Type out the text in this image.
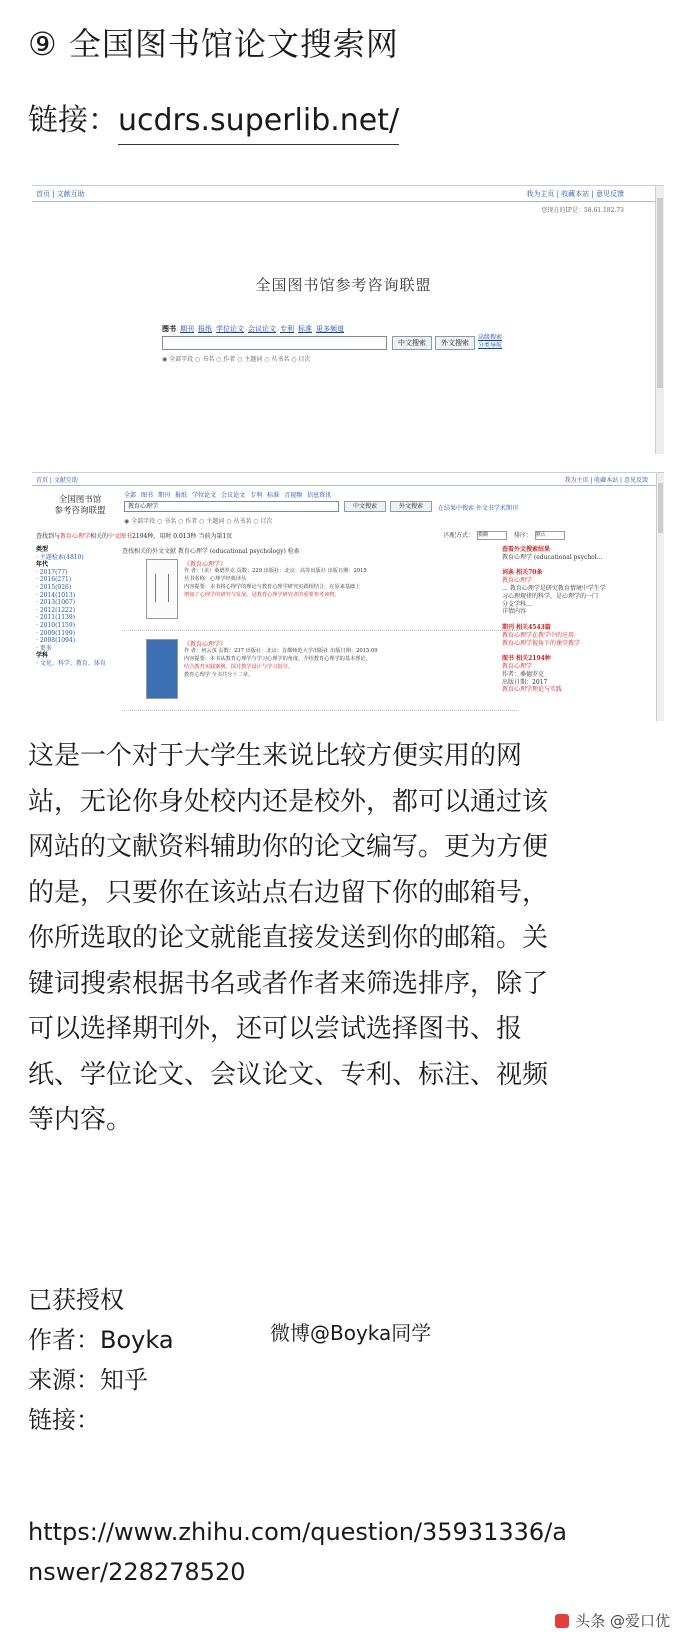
⑨ 全国图书馆论文搜索网
链接：ucdrs.superlib.net/
首页 | 文献互助	我为主页 | 收藏本站 | 意见反馈
您现在的IP是：58.61.182.73
全国图书馆参考咨询联盟
图书 期刊 报纸 学位论文 会议论文 专利 标准 更多频道
中文搜索	外文搜索
高级搜索
分类导航
◉ 全部字段 ○ 书名 ○ 作者 ○ 主题词 ○ 丛书名 ○ 目次
首页 | 文献互助	我为主页 | 收藏本站 | 意见反馈
全国图书馆
参考咨询联盟
全部 图书 期刊 报纸 学位论文 会议论文 专利 标准 音视频 信息资讯
教育心理学	中文搜索	外文搜索	在结果中搜索 外文书学术期刊
◉ 全部字段 ○ 书名 ○ 作者 ○ 主题词 ○ 丛书名 ○ 目次
查找到与教育心理学相关的中文图书2194种，用时 0.013秒 当前为第1页	匹配方式： 模糊	排序： 默认
类型
· 主题检索(4810)
年代
· 2017(77)
· 2016(271)
· 2015(926)
· 2014(1013)
· 2013(1067)
· 2012(1222)
· 2011(1139)
· 2010(1159)
· 2009(1199)
· 2008(1094)
· 更多
学科
· 文化、科学、教育、体育
查找相关的外文文献 教育心理学 (educational psychology) 检索
《教育心理学》
作 者：（美）桑德罗克 页数：229 出版社：北京：高等出版社 出版日期：2015
丛书名称：心理学经典译丛
内容提要：本书将心理学的理论与教育心理学研究实践相结合，在原来基础上
增加了心理学的研究与发展，是教育心理学研究者的重要参考读物。
《教育心理学》
作 者：何云茂 页数：237 出版社：北京：首都师范大学出版社 出版日期：2015.09
内容提要：本书从教育心理学与学习心理学的角度，介绍教育心理学的基本理论，
结合教育实践案例，探讨教学设计与学习指导。
教育心理学 全书共分十二章。
查看外文搜索结果
教育心理学 (educational psychol...

词条 相关70条
教育心理学
… 教育心理学是研究教育情境中学生学
习心理规律的科学，是心理学的一门
分支学科…
详情内容

期刊 相关4543篇
教育心理学在教学中的应用
教育心理学视角下的课堂教学

图书 相关2194种
教育心理学
作者：桑德罗克
出版日期：2017
教育心理学理论与实践
这是一个对于大学生来说比较方便实用的网
站，无论你身处校内还是校外，都可以通过该
网站的文献资料辅助你的论文编写。更为方便
的是，只要你在该站点右边留下你的邮箱号，
你所选取的论文就能直接发送到你的邮箱。关
键词搜索根据书名或者作者来筛选排序，除了
可以选择期刊外，还可以尝试选择图书、报
纸、学位论文、会议论文、专利、标注、视频
等内容。
已获授权
作者：Boyka
来源：知乎
链接：
微博@Boyka同学
https://www.zhihu.com/question/35931336/a
nswer/228278520
头条 @爱口优
